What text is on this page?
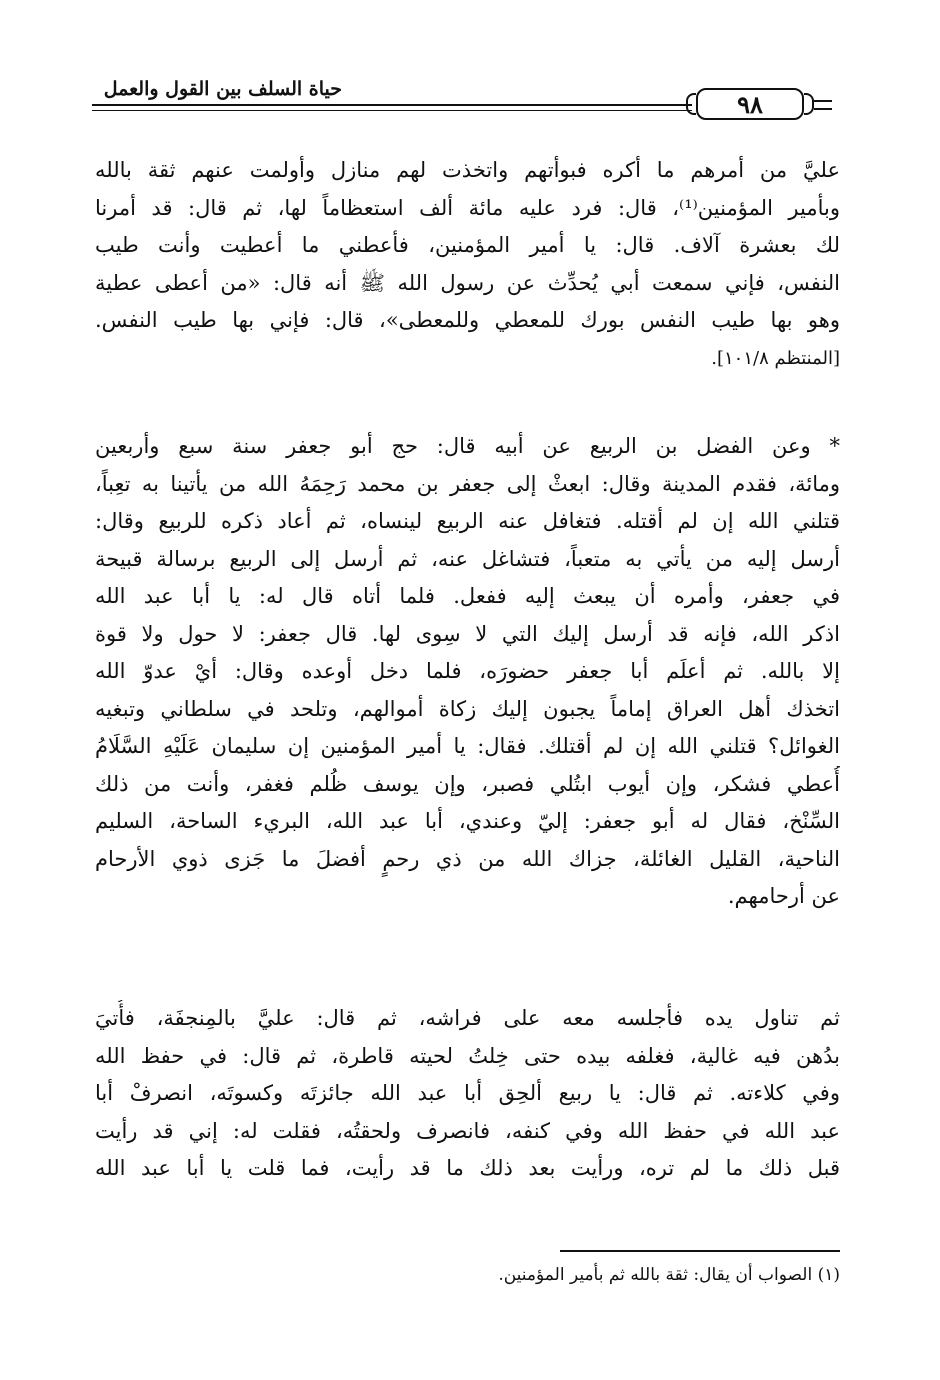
حياة السلف بين القول والعمل
٩٨
عليَّ من أمرهم ما أكره فبوأتهم واتخذت لهم منازل وأولمت عنهم ثقة بالله
وبأمير المؤمنين⁽¹⁾، قال: فرد عليه مائة ألف استعظاماً لها، ثم قال: قد أمرنا
لك بعشرة آلاف. قال: يا أمير المؤمنين، فأعطني ما أعطيت وأنت طيب
النفس، فإني سمعت أبي يُحدِّث عن رسول الله ﷺ أنه قال: «من أعطى عطية
وهو بها طيب النفس بورك للمعطي وللمعطى»، قال: فإني بها طيب النفس.
[المنتظم ١٠١/٨].
* وعن الفضل بن الربيع عن أبيه قال: حج أبو جعفر سنة سبع وأربعين
ومائة، فقدم المدينة وقال: ابعثْ إلى جعفر بن محمد رَحِمَهُ الله من يأتينا به تعِباً،
قتلني الله إن لم أقتله. فتغافل عنه الربيع لينساه، ثم أعاد ذكره للربيع وقال:
أرسل إليه من يأتي به متعباً، فتشاغل عنه، ثم أرسل إلى الربيع برسالة قبيحة
في جعفر، وأمره أن يبعث إليه ففعل. فلما أتاه قال له: يا أبا عبد الله
اذكر الله، فإنه قد أرسل إليك التي لا سِوى لها. قال جعفر: لا حول ولا قوة
إلا بالله. ثم أعلَم أبا جعفر حضورَه، فلما دخل أوعده وقال: أيْ عدوّ الله
اتخذك أهل العراق إماماً يجبون إليك زكاة أموالهم، وتلحد في سلطاني وتبغيه
الغوائل؟ قتلني الله إن لم أقتلك. فقال: يا أمير المؤمنين إن سليمان عَلَيْهِ السَّلَامُ
أُعطي فشكر، وإن أيوب ابتُلي فصبر، وإن يوسف ظُلم فغفر، وأنت من ذلك
السِّنْخ، فقال له أبو جعفر: إليّ وعندي، أبا عبد الله، البريء الساحة، السليم
الناحية، القليل الغائلة، جزاك الله من ذي رحمٍ أفضلَ ما جَزى ذوي الأرحام
عن أرحامهم.
ثم تناول يده فأجلسه معه على فراشه، ثم قال: عليَّ بالمِنجفَة، فأُتيَ
بدُهن فيه غالية، فغلفه بيده حتى خِلتُ لحيته قاطرة، ثم قال: في حفظ الله
وفي كلاءته. ثم قال: يا ربيع ألحِق أبا عبد الله جائزتَه وكسوتَه، انصرفْ أبا
عبد الله في حفظ الله وفي كنفه، فانصرف ولحقتُه، فقلت له: إني قد رأيت
قبل ذلك ما لم تره، ورأيت بعد ذلك ما قد رأيت، فما قلت يا أبا عبد الله
(١) الصواب أن يقال: ثقة بالله ثم بأمير المؤمنين.
